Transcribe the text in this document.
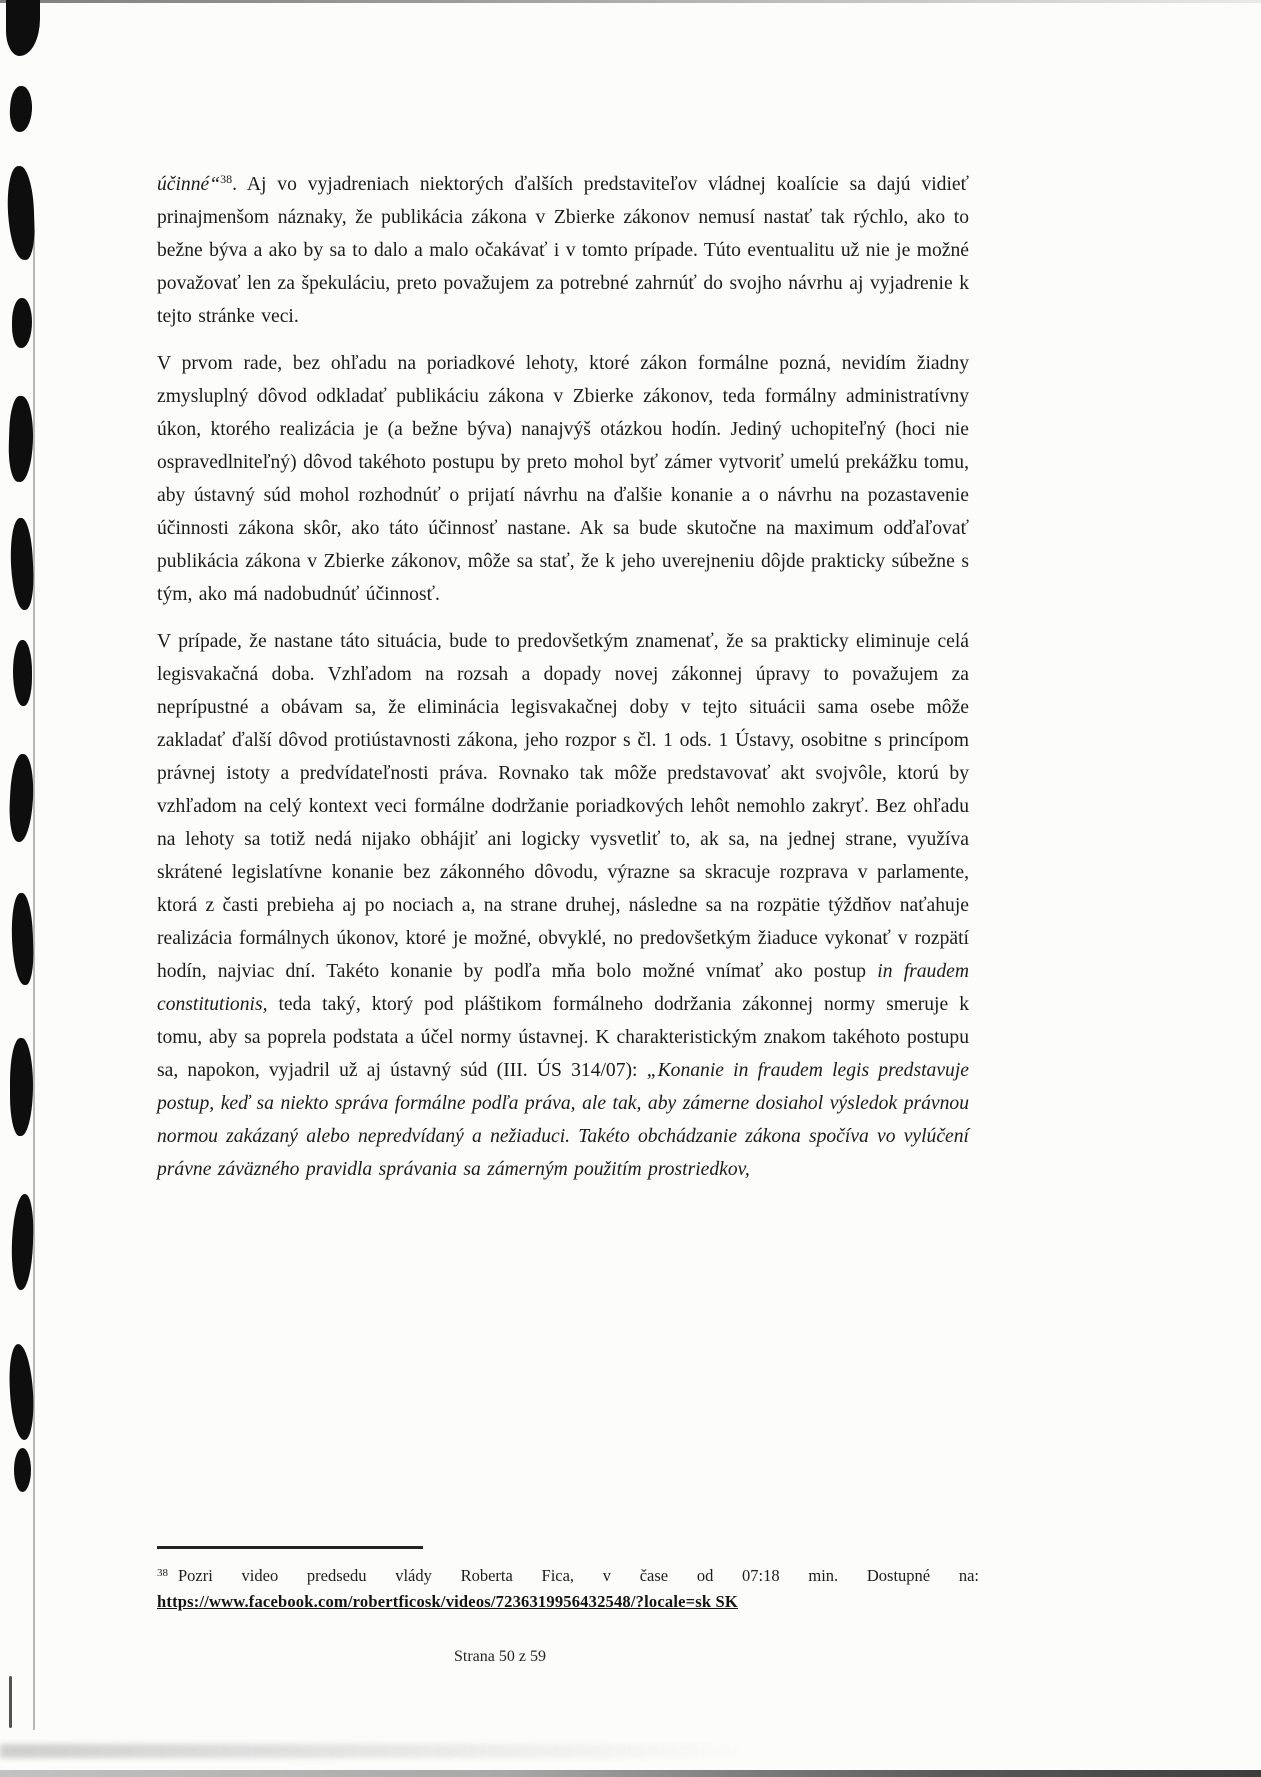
účinné“$^{38}$. Aj vo vyjadreniach niektorých ďalších predstaviteľov vládnej koalície sa dajú vidieť prinajmenšom náznaky, že publikácia zákona v Zbierke zákonov nemusí nastať tak rýchlo, ako to bežne býva a ako by sa to dalo a malo očakávať i v tomto prípade. Túto eventualitu už nie je možné považovať len za špekuláciu, preto považujem za potrebné zahrnúť do svojho návrhu aj vyjadrenie k tejto stránke veci.

V prvom rade, bez ohľadu na poriadkové lehoty, ktoré zákon formálne pozná, nevidím žiadny zmysluplný dôvod odkladať publikáciu zákona v Zbierke zákonov, teda formálny administratívny úkon, ktorého realizácia je (a bežne býva) nanajvýš otázkou hodín. Jediný uchopiteľný (hoci nie ospravedlniteľný) dôvod takéhoto postupu by preto mohol byť zámer vytvoriť umelú prekážku tomu, aby ústavný súd mohol rozhodnúť o prijatí návrhu na ďalšie konanie a o návrhu na pozastavenie účinnosti zákona skôr, ako táto účinnosť nastane. Ak sa bude skutočne na maximum odďaľovať publikácia zákona v Zbierke zákonov, môže sa stať, že k jeho uverejneniu dôjde prakticky súbežne s tým, ako má nadobudnúť účinnosť.

V prípade, že nastane táto situácia, bude to predovšetkým znamenať, že sa prakticky eliminuje celá legisvakačná doba. Vzhľadom na rozsah a dopady novej zákonnej úpravy to považujem za neprípustné a obávam sa, že eliminácia legisvakačnej doby v tejto situácii sama osebe môže zakladať ďalší dôvod protiústavnosti zákona, jeho rozpor s čl. 1 ods. 1 Ústavy, osobitne s princípom právnej istoty a predvídateľnosti práva. Rovnako tak môže predstavovať akt svojvôle, ktorú by vzhľadom na celý kontext veci formálne dodržanie poriadkových lehôt nemohlo zakryť. Bez ohľadu na lehoty sa totiž nedá nijako obhájiť ani logicky vysvetliť to, ak sa, na jednej strane, využíva skrátené legislatívne konanie bez zákonného dôvodu, výrazne sa skracuje rozprava v parlamente, ktorá z časti prebieha aj po nociach a, na strane druhej, následne sa na rozpätie týždňov naťahuje realizácia formálnych úkonov, ktoré je možné, obvyklé, no predovšetkým žiaduce vykonať v rozpätí hodín, najviac dní. Takéto konanie by podľa mňa bolo možné vnímať ako postup in fraudem constitutionis, teda taký, ktorý pod pláštikom formálneho dodržania zákonnej normy smeruje k tomu, aby sa poprela podstata a účel normy ústavnej. K charakteristickým znakom takéhoto postupu sa, napokon, vyjadril už aj ústavný súd (III. ÚS 314/07): „Konanie in fraudem legis predstavuje postup, keď sa niekto správa formálne podľa práva, ale tak, aby zámerne dosiahol výsledok právnou normou zakázaný alebo nepredvídaný a nežiaduci. Takéto obchádzanie zákona spočíva vo vylúčení právne záväzného pravidla správania sa zámerným použitím prostriedkov,

$^{38}$ Pozri video predsedu vlády Roberta Fica, v čase od 07:18 min. Dostupné na: https://www.facebook.com/robertficosk/videos/7236319956432548/?locale=sk SK
Strana 50 z 59
